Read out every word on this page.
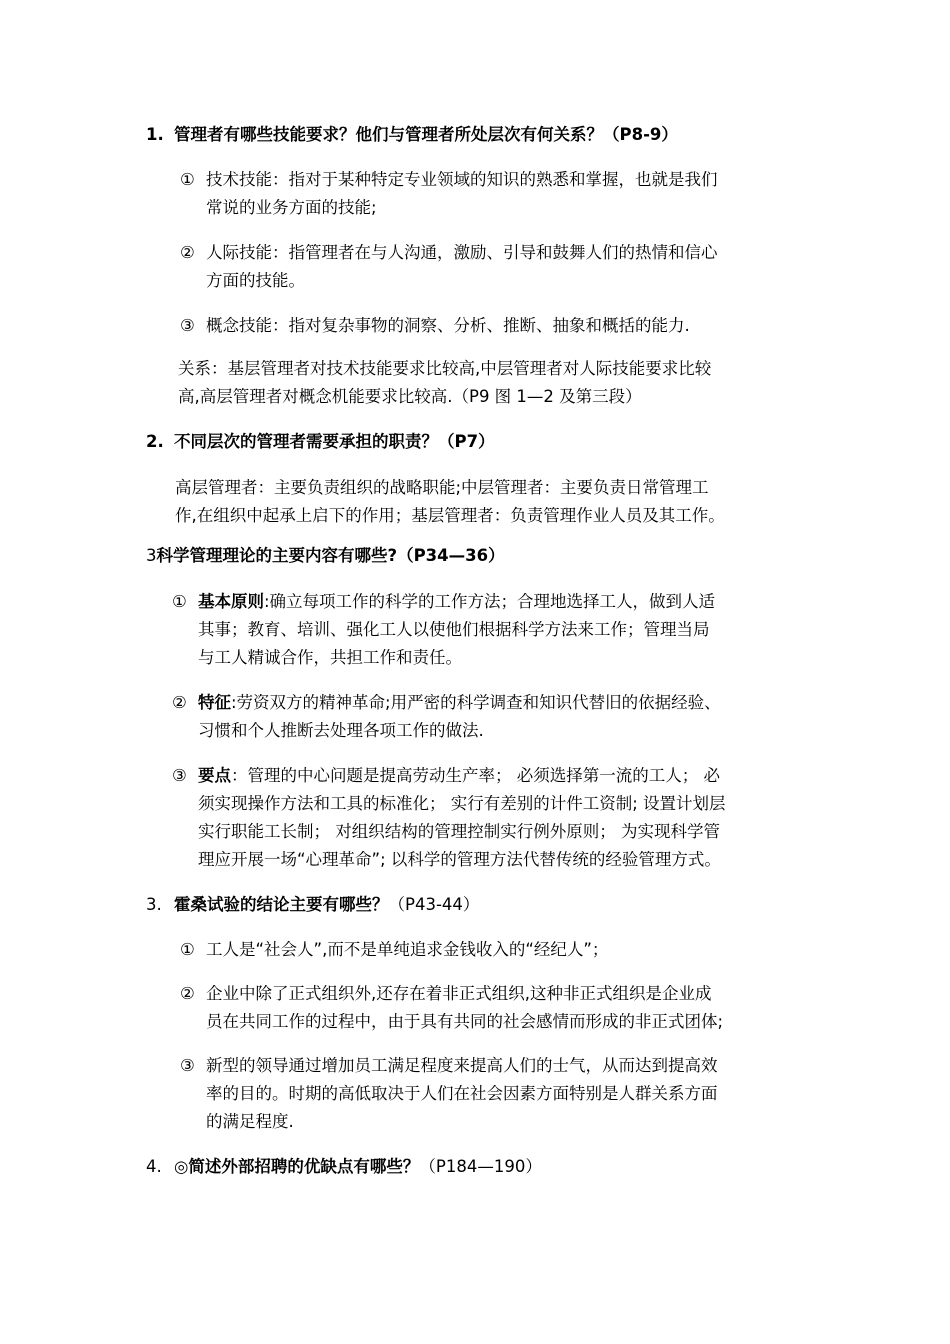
1. 管理者有哪些技能要求？他们与管理者所处层次有何关系？（P8-9）
① 技术技能：指对于某种特定专业领域的知识的熟悉和掌握，也就是我们
常说的业务方面的技能;
② 人际技能：指管理者在与人沟通，激励、引导和鼓舞人们的热情和信心
方面的技能。
③ 概念技能：指对复杂事物的洞察、分析、推断、抽象和概括的能力.
关系：基层管理者对技术技能要求比较高,中层管理者对人际技能要求比较
高,高层管理者对概念机能要求比较高.（P9 图 1—2 及第三段）
2. 不同层次的管理者需要承担的职责？（P7）
高层管理者：主要负责组织的战略职能;中层管理者：主要负责日常管理工
作,在组织中起承上启下的作用；基层管理者：负责管理作业人员及其工作。
3科学管理理论的主要内容有哪些?（P34—36）
① 基本原则:确立每项工作的科学的工作方法；合理地选择工人，做到人适
其事；教育、培训、强化工人以使他们根据科学方法来工作；管理当局
与工人精诚合作，共担工作和责任。
② 特征:劳资双方的精神革命;用严密的科学调查和知识代替旧的依据经验、
习惯和个人推断去处理各项工作的做法.
③ 要点：管理的中心问题是提高劳动生产率； 必须选择第一流的工人； 必
须实现操作方法和工具的标准化； 实行有差别的计件工资制; 设置计划层
实行职能工长制； 对组织结构的管理控制实行例外原则； 为实现科学管
理应开展一场“心理革命”; 以科学的管理方法代替传统的经验管理方式。
3. 霍桑试验的结论主要有哪些？（P43-44）
① 工人是“社会人”,而不是单纯追求金钱收入的“经纪人”；
② 企业中除了正式组织外,还存在着非正式组织,这种非正式组织是企业成
员在共同工作的过程中，由于具有共同的社会感情而形成的非正式团体;
③ 新型的领导通过增加员工满足程度来提高人们的士气，从而达到提高效
率的目的。时期的高低取决于人们在社会因素方面特别是人群关系方面
的满足程度.
4. ◎简述外部招聘的优缺点有哪些？（P184—190）
